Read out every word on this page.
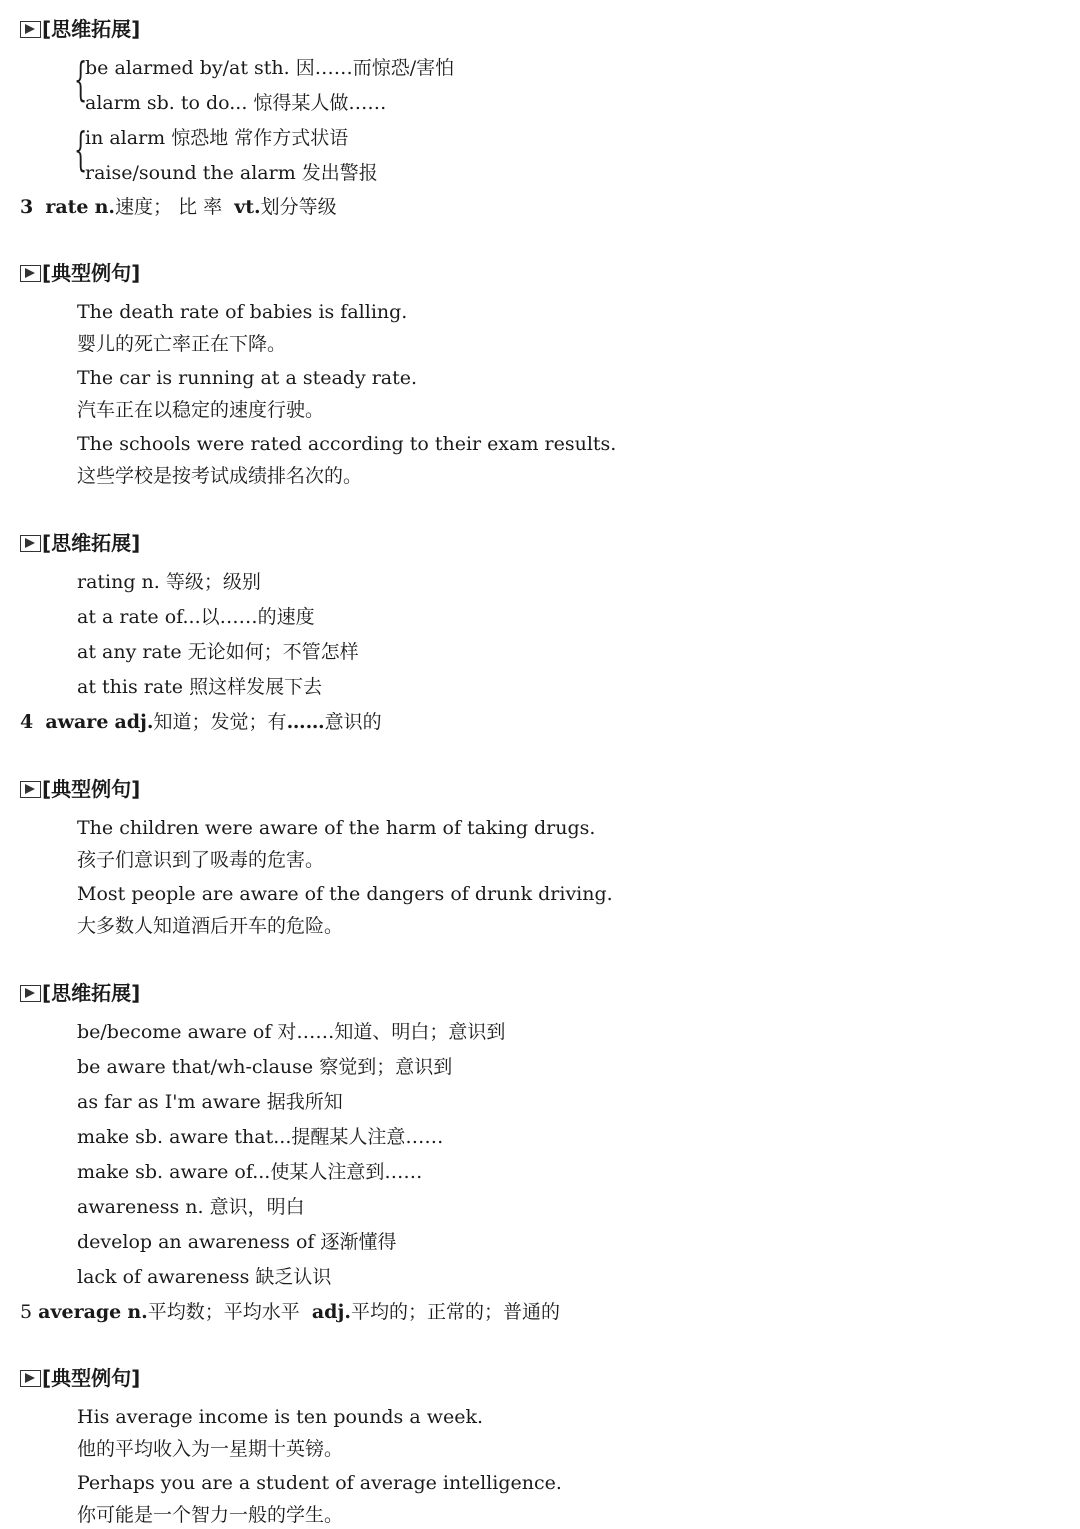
[思维拓展]
{
be alarmed by/at sth. 因……而惊恐/害怕
alarm sb. to do... 惊得某人做……
{
in alarm 惊恐地 常作方式状语
raise/sound the alarm 发出警报
3 rate n.速度； 比 率 vt.划分等级
[典型例句]
The death rate of babies is falling.
婴儿的死亡率正在下降。
The car is running at a steady rate.
汽车正在以稳定的速度行驶。
The schools were rated according to their exam results.
这些学校是按考试成绩排名次的。
[思维拓展]
rating n. 等级；级别
at a rate of...以……的速度
at any rate 无论如何；不管怎样
at this rate 照这样发展下去
4 aware adj.知道；发觉；有……意识的
[典型例句]
The children were aware of the harm of taking drugs.
孩子们意识到了吸毒的危害。
Most people are aware of the dangers of drunk driving.
大多数人知道酒后开车的危险。
[思维拓展]
be/become aware of 对……知道、明白；意识到
be aware that/wh-clause 察觉到；意识到
as far as I'm aware 据我所知
make sb. aware that...提醒某人注意……
make sb. aware of...使某人注意到……
awareness n. 意识，明白
develop an awareness of 逐渐懂得
lack of awareness 缺乏认识
5 average n.平均数；平均水平 adj.平均的；正常的；普通的
[典型例句]
His average income is ten pounds a week.
他的平均收入为一星期十英镑。
Perhaps you are a student of average intelligence.
你可能是一个智力一般的学生。
